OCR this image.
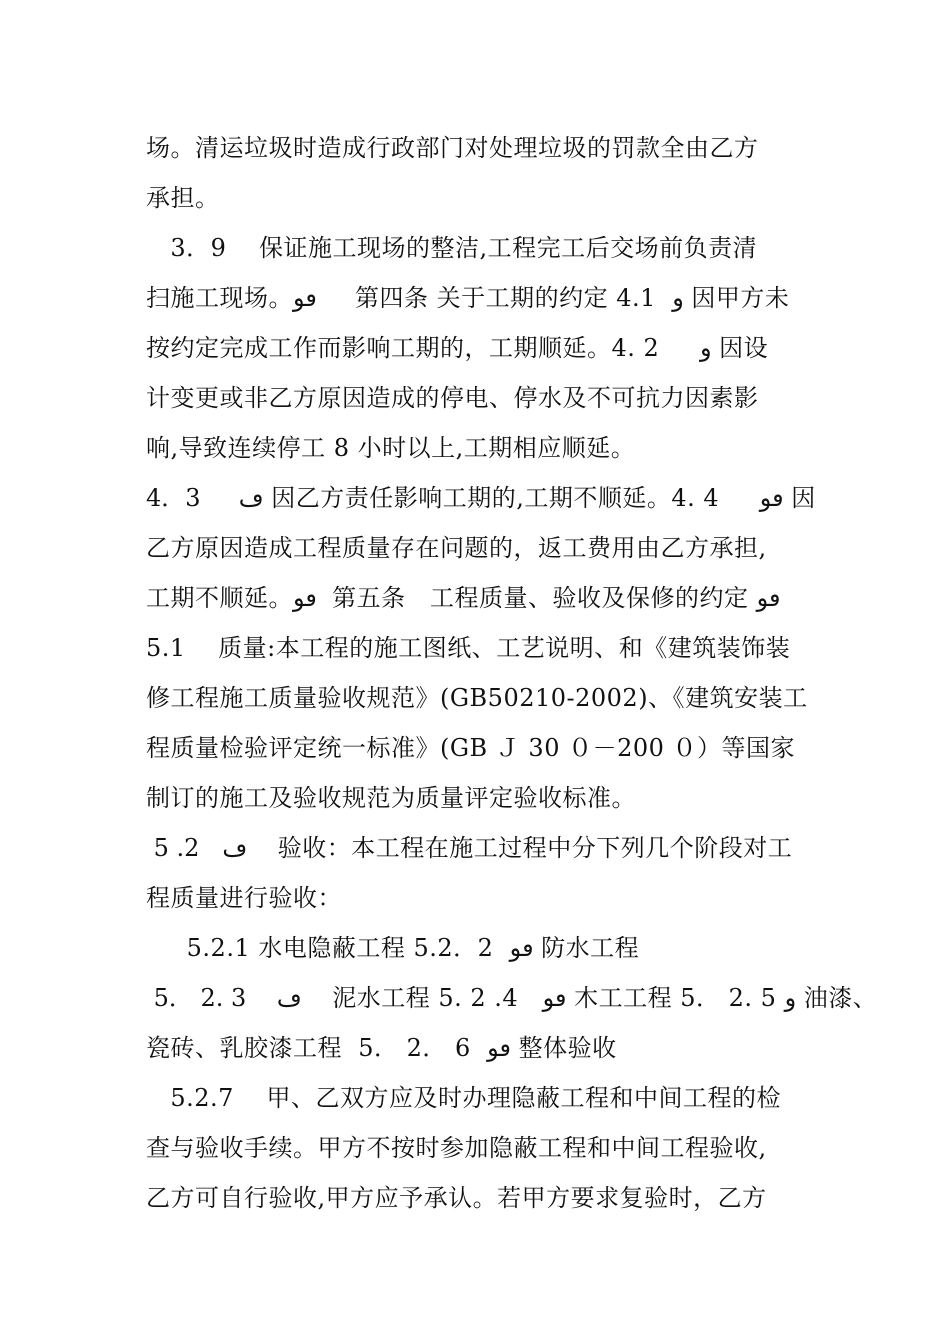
场。清运垃圾时造成行政部门对处理垃圾的罚款全由乙方
承担。
3．9    保证施工现场的整洁,工程完工后交场前负责清
扫施工现场。ڡو     第四条 关于工期的约定 4.1  و 因甲方未
按约定完成工作而影响工期的，工期顺延。4. 2     و 因设
计变更或非乙方原因造成的停电、停水及不可抗力因素影
响,导致连续停工 8 小时以上,工期相应顺延。
4．3     ڡ 因乙方责任影响工期的,工期不顺延。4. 4     ڡو 因
乙方原因造成工程质量存在问题的，返工费用由乙方承担,
工期不顺延。ڡو  第五条   工程质量、验收及保修的约定 ڡو
5.1    质量:本工程的施工图纸、工艺说明、和《建筑装饰装
修工程施工质量验收规范》(GB50210-2002)、《建筑安装工
程质量检验评定统一标准》(GB Ｊ 30 ０－200 ０）等国家
制订的施工及验收规范为质量评定验收标准。
5 .2   ڡ    验收：本工程在施工过程中分下列几个阶段对工
程质量进行验收：
5.2.1 水电隐蔽工程 5.2．2  ڡو 防水工程
5． 2. 3    ڡ    泥水工程 5. 2 .4   ڡو 木工工程 5． 2. 5 و 油漆、
瓷砖、乳胶漆工程  5． 2． 6  ڡو 整体验收
5.2.7    甲、乙双方应及时办理隐蔽工程和中间工程的检
查与验收手续。甲方不按时参加隐蔽工程和中间工程验收,
乙方可自行验收,甲方应予承认。若甲方要求复验时，乙方
